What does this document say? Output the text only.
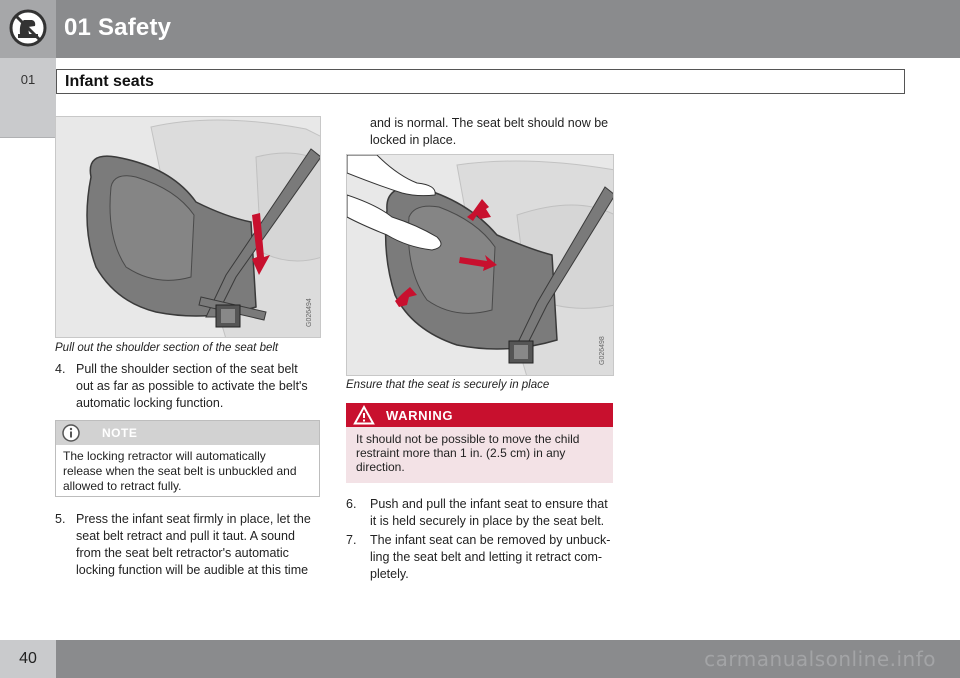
01 Safety
01	Infant seats
G026494
Pull out the shoulder section of the seat belt
4. Pull the shoulder section of the seat belt
out as far as possible to activate the belt's
automatic locking function.
NOTE
The locking retractor will automatically
release when the seat belt is unbuckled and
allowed to retract fully.
5. Press the infant seat firmly in place, let the
seat belt retract and pull it taut. A sound
from the seat belt retractor's automatic
locking function will be audible at this time
and is normal. The seat belt should now be
locked in place.
G026498
Ensure that the seat is securely in place
WARNING
It should not be possible to move the child
restraint more than 1 in. (2.5 cm) in any
direction.
6. Push and pull the infant seat to ensure that
it is held securely in place by the seat belt.
7. The infant seat can be removed by unbuck-
ling the seat belt and letting it retract com-
pletely.
40	carmanualsonline.info
